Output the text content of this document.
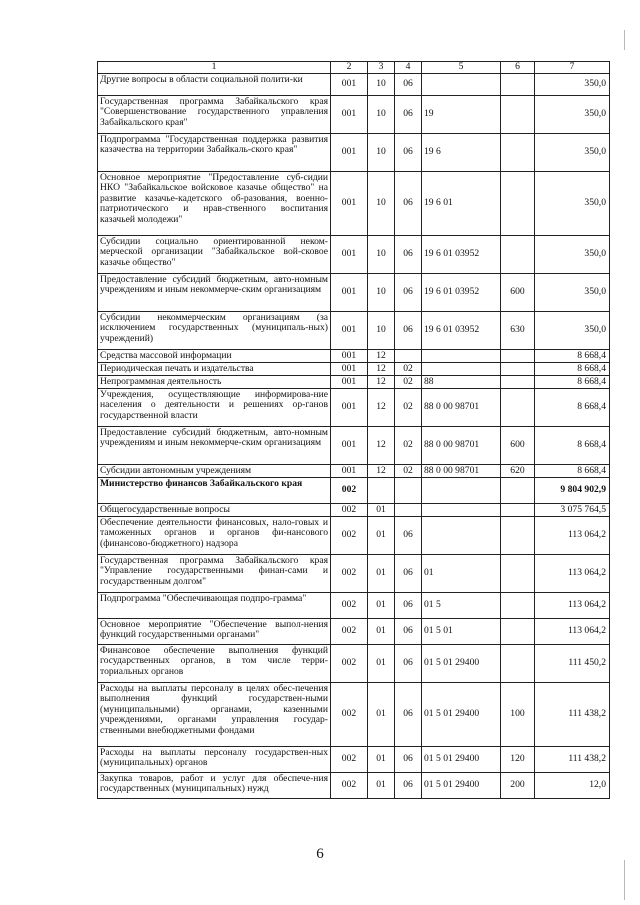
1	2	3	4	5	6	7
Другие вопросы в области социальной полити-ки	001	10	06			350,0
Государственная программа Забайкальского края "Совершенствование государственного управления Забайкальского края"	001	10	06	19		350,0
Подпрограмма "Государственная поддержка развития казачества на территории Забайкаль-ского края"	001	10	06	19 6		350,0
Основное мероприятие "Предоставление суб-сидии НКО "Забайкальское войсковое казачье общество" на развитие казачье-кадетского об-разования, военно-патриотического и нрав-ственного воспитания казачьей молодежи"	001	10	06	19 6 01		350,0
Субсидии социально ориентированной неком-мерческой организации "Забайкальское вой-сковое казачье общество"	001	10	06	19 6 01 03952		350,0
Предоставление субсидий бюджетным, авто-номным учреждениям и иным некоммерче-ским организациям	001	10	06	19 6 01 03952	600	350,0
Субсидии некоммерческим организациям (за исключением государственных (муниципаль-ных) учреждений)	001	10	06	19 6 01 03952	630	350,0
Средства массовой информации	001	12				8 668,4
Периодическая печать и издательства	001	12	02			8 668,4
Непрограммная деятельность	001	12	02	88		8 668,4
Учреждения, осуществляющие информирова-ние населения о деятельности и решениях ор-ганов государственной власти	001	12	02	88 0 00 98701		8 668,4
Предоставление субсидий бюджетным, авто-номным учреждениям и иным некоммерче-ским организациям	001	12	02	88 0 00 98701	600	8 668,4
Субсидии автономным учреждениям	001	12	02	88 0 00 98701	620	8 668,4
Министерство финансов Забайкальского края	002					9 804 902,9
Общегосударственные вопросы	002	01				3 075 764,5
Обеспечение деятельности финансовых, нало-говых и таможенных органов и органов фи-нансового (финансово-бюджетного) надзора	002	01	06			113 064,2
Государственная программа Забайкальского края "Управление государственными финан-сами и государственным долгом"	002	01	06	01		113 064,2
Подпрограмма "Обеспечивающая подпро-грамма"	002	01	06	01 5		113 064,2
Основное мероприятие "Обеспечение выпол-нения функций государственными органами"	002	01	06	01 5 01		113 064,2
Финансовое обеспечение выполнения функций государственных органов, в том числе терри-ториальных органов	002	01	06	01 5 01 29400		111 450,2
Расходы на выплаты персоналу в целях обес-печения выполнения функций государствен-ными (муниципальными) органами, казенными учреждениями, органами управления государ-ственными внебюджетными фондами	002	01	06	01 5 01 29400	100	111 438,2
Расходы на выплаты персоналу государствен-ных (муниципальных) органов	002	01	06	01 5 01 29400	120	111 438,2
Закупка товаров, работ и услуг для обеспече-ния государственных (муниципальных) нужд	002	01	06	01 5 01 29400	200	12,0
6
